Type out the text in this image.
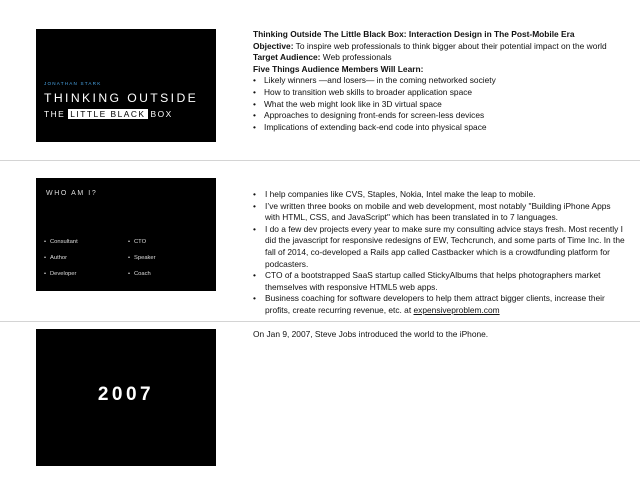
JONATHAN STARK
THINKING OUTSIDE
THE LITTLE BLACK BOX
Thinking Outside The Little Black Box: Interaction Design in The Post-Mobile Era
Objective: To inspire web professionals to think bigger about their potential impact on the world
Target Audience: Web professionals
Five Things Audience Members Will Learn:
• Likely winners —and losers— in the coming networked society
• How to transition web skills to broader application space
• What the web might look like in 3D virtual space
• Approaches to designing front-ends for screen-less devices
• Implications of extending back-end code into physical space
WHO AM I?
• Consultant
• Author
• Developer
• CTO
• Speaker
• Coach
• I help companies like CVS, Staples, Nokia, Intel make the leap to mobile.
• I’ve written three books on mobile and web development, most notably "Building iPhone Apps with HTML, CSS, and JavaScript" which has been translated in to 7 languages.
• I do a few dev projects every year to make sure my consulting advice stays fresh. Most recently I did the javascript for responsive redesigns of EW, Techcrunch, and some parts of Time Inc. In the fall of 2014, co-developed a Rails app called Castbacker which is a crowdfunding platform for podcasters.
• CTO of a bootstrapped SaaS startup called StickyAlbums that helps photographers market themselves with responsive HTML5 web apps.
• Business coaching for software developers to help them attract bigger clients, increase their profits, create recurring revenue, etc. at expensiveproblem.com
2007
On Jan 9, 2007, Steve Jobs introduced the world to the iPhone.
